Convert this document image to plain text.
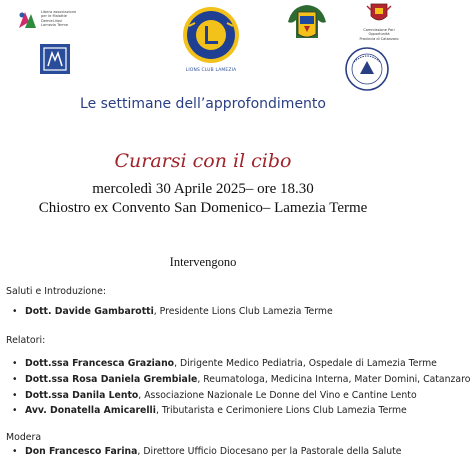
Libera associazione
per le Malattie
Demiel-Vasi
Lamezia Terme
LIONS CLUB LAMEZIA
Commissione Pari Opportunità
Provincia di Catanzaro
Le settimane dell’approfondimento
Curarsi con il cibo
mercoledì 30 Aprile 2025– ore 18.30
Chiostro ex Convento San Domenico– Lamezia Terme
Intervengono
Saluti e Introduzione:
• Dott. Davide Gambarotti, Presidente Lions Club Lamezia Terme
Relatori:
• Dott.ssa Francesca Graziano, Dirigente Medico Pediatria, Ospedale di Lamezia Terme
• Dott.ssa Rosa Daniela Grembiale, Reumatologa, Medicina Interna, Mater Domini, Catanzaro
• Dott.ssa Danila Lento, Associazione Nazionale Le Donne del Vino e Cantine Lento
• Avv. Donatella Amicarelli, Tributarista e Cerimoniere Lions Club Lamezia Terme
Modera
• Don Francesco Farina, Direttore Ufficio Diocesano per la Pastorale della Salute
